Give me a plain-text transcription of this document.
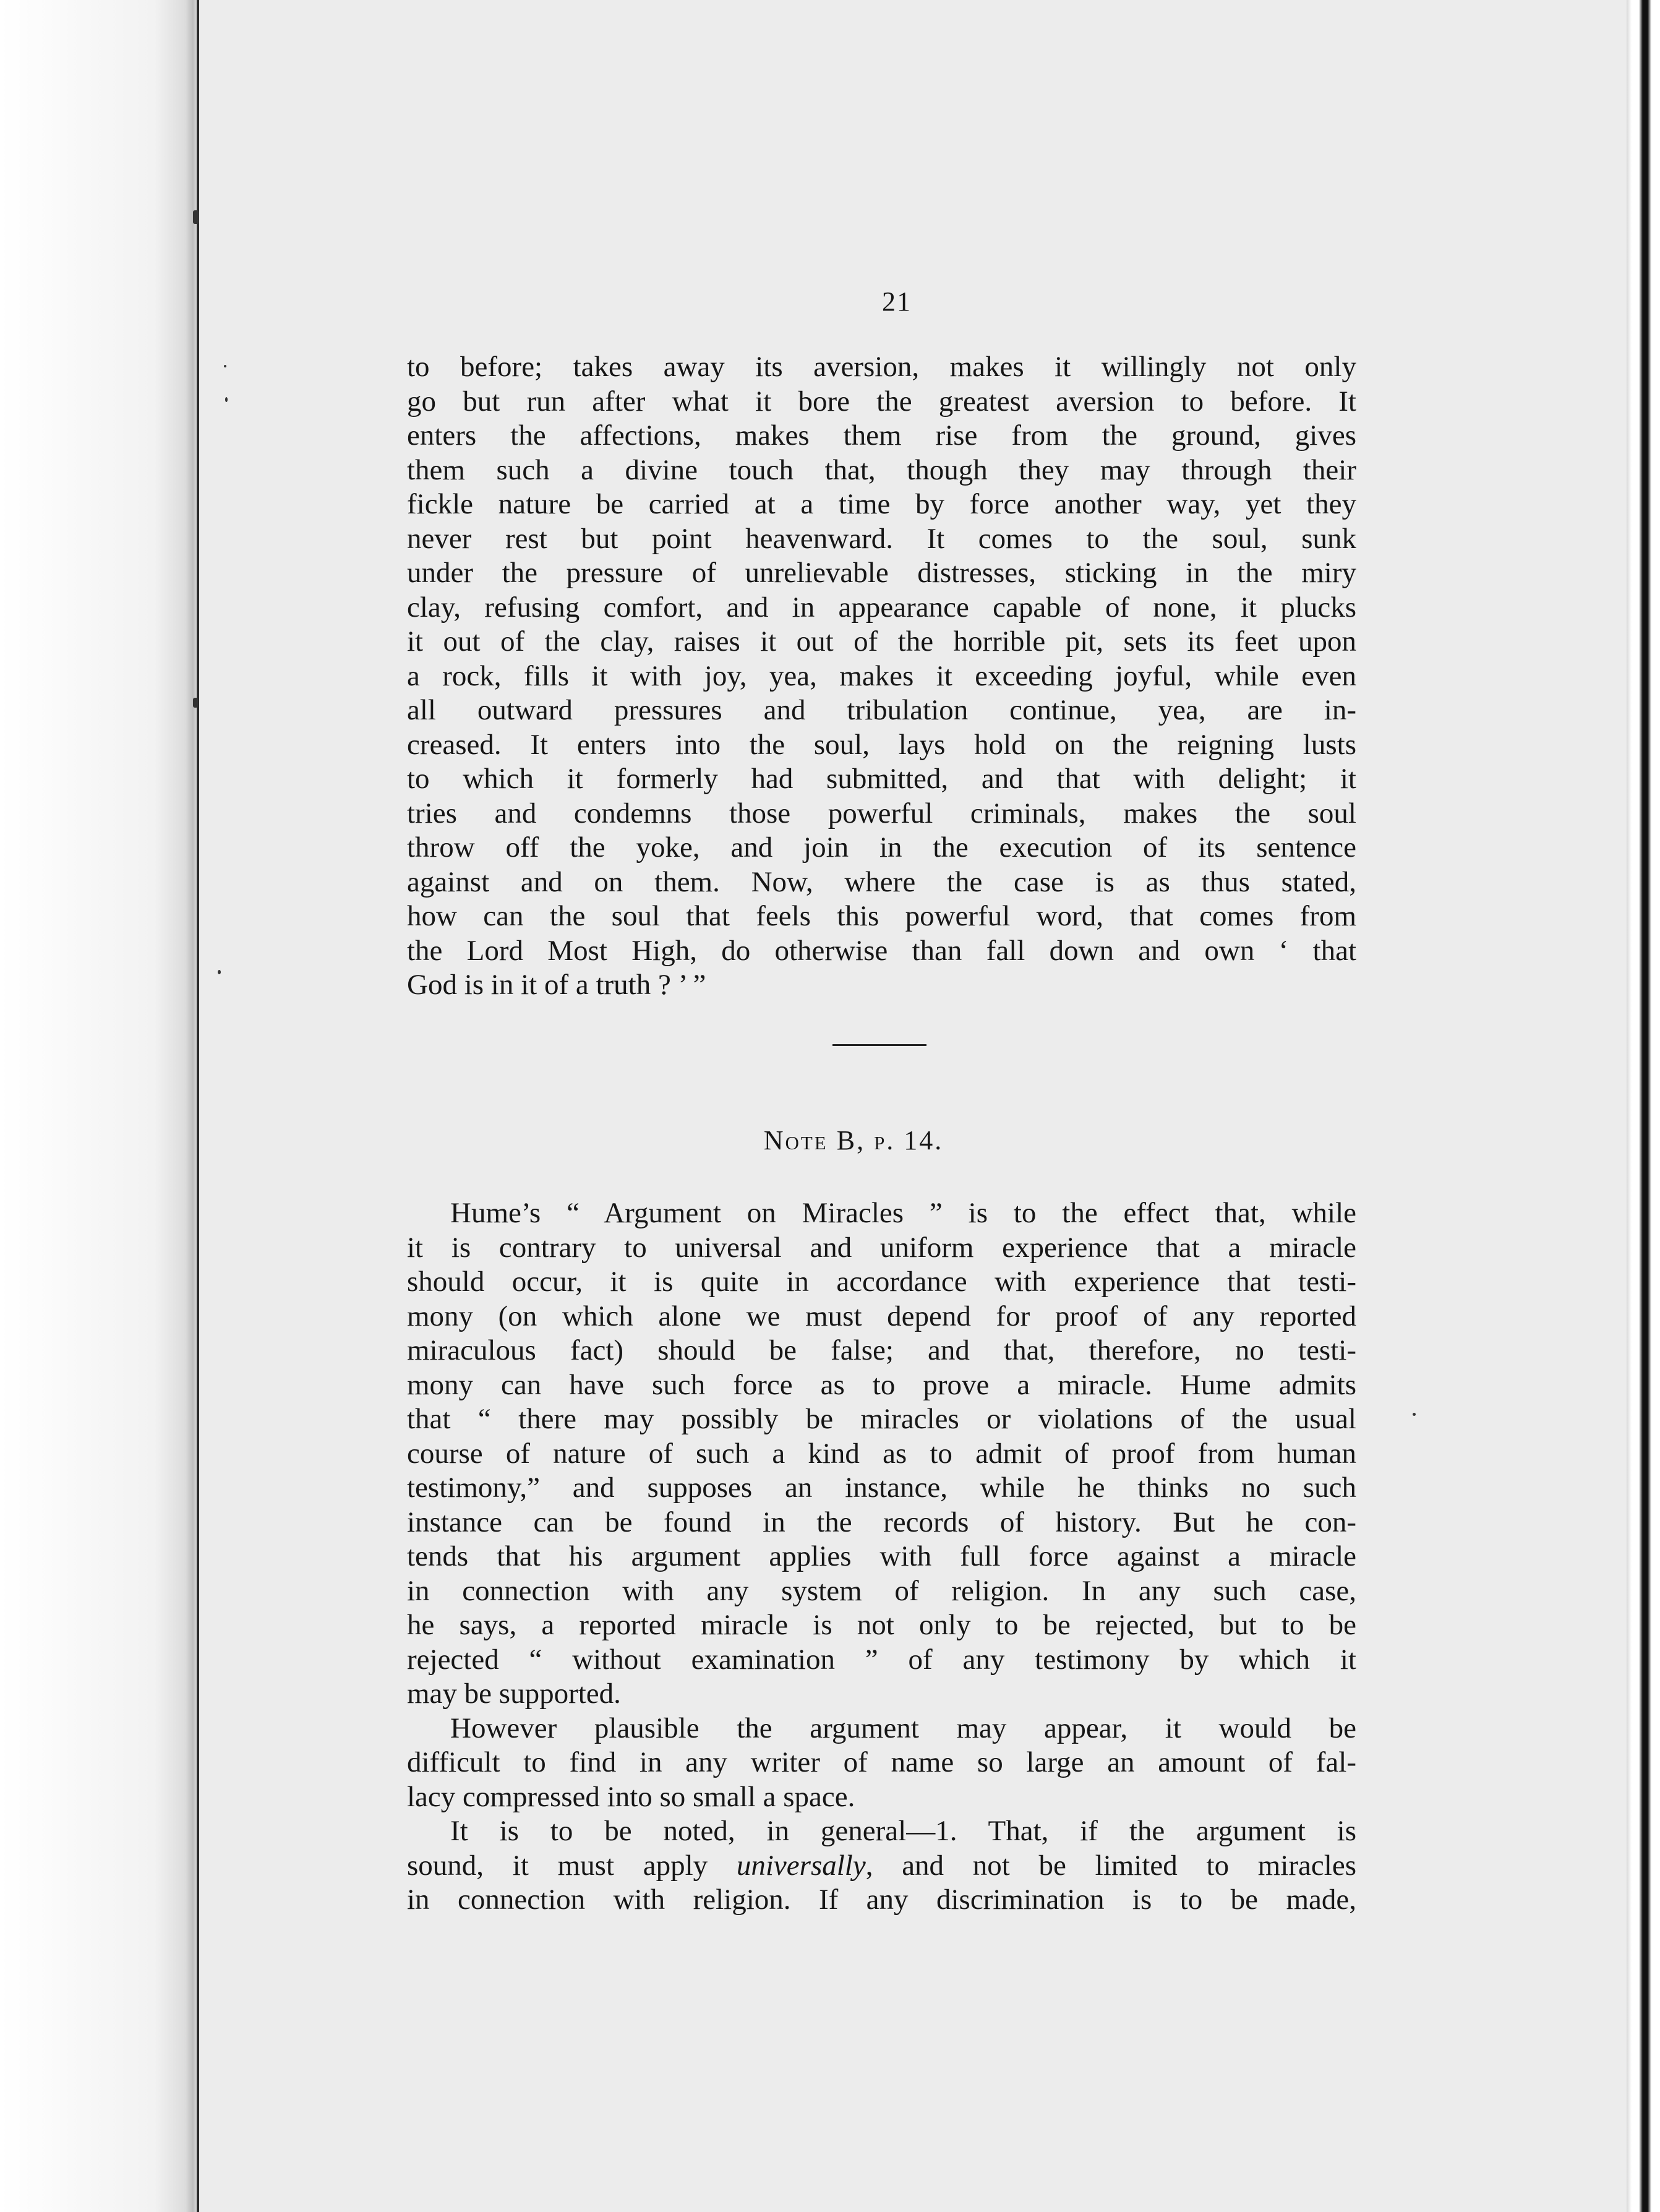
21
to before; takes away its aversion, makes it willingly not only
go but run after what it bore the greatest aversion to before. It
enters the affections, makes them rise from the ground, gives
them such a divine touch that, though they may through their
fickle nature be carried at a time by force another way, yet they
never rest but point heavenward. It comes to the soul, sunk
under the pressure of unrelievable distresses, sticking in the miry
clay, refusing comfort, and in appearance capable of none, it plucks
it out of the clay, raises it out of the horrible pit, sets its feet upon
a rock, fills it with joy, yea, makes it exceeding joyful, while even
all outward pressures and tribulation continue, yea, are in-
creased. It enters into the soul, lays hold on the reigning lusts
to which it formerly had submitted, and that with delight; it
tries and condemns those powerful criminals, makes the soul
throw off the yoke, and join in the execution of its sentence
against and on them. Now, where the case is as thus stated,
how can the soul that feels this powerful word, that comes from
the Lord Most High, do otherwise than fall down and own ‘ that
God is in it of a truth ? ’ ”
Note B, p. 14.
Hume’s “ Argument on Miracles ” is to the effect that, while
it is contrary to universal and uniform experience that a miracle
should occur, it is quite in accordance with experience that testi-
mony (on which alone we must depend for proof of any reported
miraculous fact) should be false; and that, therefore, no testi-
mony can have such force as to prove a miracle. Hume admits
that “ there may possibly be miracles or violations of the usual
course of nature of such a kind as to admit of proof from human
testimony,” and supposes an instance, while he thinks no such
instance can be found in the records of history. But he con-
tends that his argument applies with full force against a miracle
in connection with any system of religion. In any such case,
he says, a reported miracle is not only to be rejected, but to be
rejected “ without examination ” of any testimony by which it
may be supported.
However plausible the argument may appear, it would be
difficult to find in any writer of name so large an amount of fal-
lacy compressed into so small a space.
It is to be noted, in general—1. That, if the argument is
sound, it must apply universally, and not be limited to miracles
in connection with religion. If any discrimination is to be made,
